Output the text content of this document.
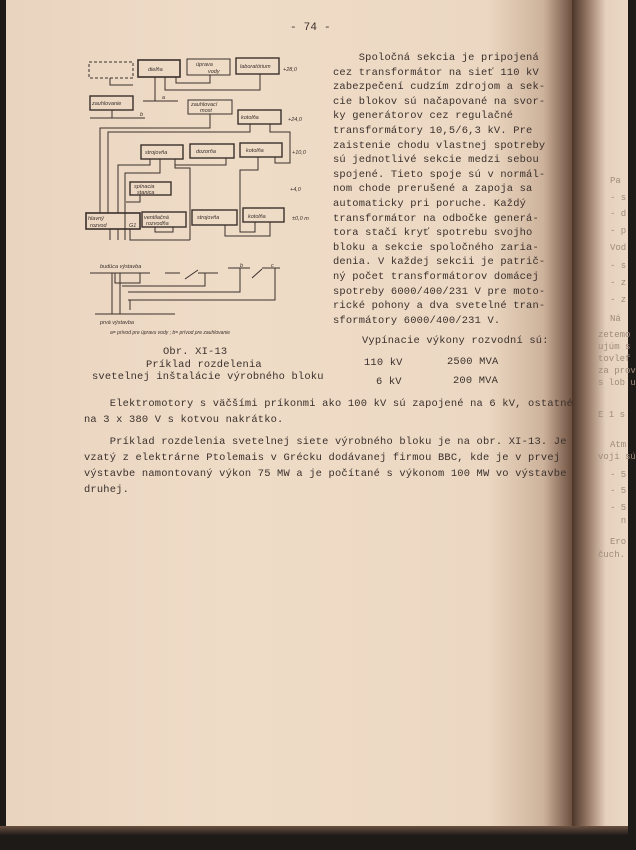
- 74 -
dielňa
úprava
vody
laboratórium
zauhlovanie	zauhlovací
most
kotolňa
strojovňa	dozorňa	kotolňa
spínacia
stanica
hlavný
rozvod	G1
ventilačná
rozvodňa
strojovňa	kotolňa
+28,0
+24,0
+10,0
+4,0
±0,0 m
a
b
b	c
budúca výstavba
prvá výstavba
a= prívod pre úpravu vody ; b= prívod pre zauhlovanie
Obr. XI-13
Príklad rozdelenia
svetelnej inštalácie výrobného bloku
Spoločná sekcia je pripojená
cez transformátor na sieť 110 kV
zabezpečení cudzím zdrojom a sek-
cie blokov sú načapované na svor-
ky generátorov cez regulačné
transformátory 10,5/6,3 kV. Pre
zaistenie chodu vlastnej spotreby
sú jednotlivé sekcie medzi sebou
spojené. Tieto spoje sú v normál-
nom chode prerušené a zapoja sa
automaticky pri poruche. Každý
transformátor na odbočke generá-
tora stačí kryť spotrebu svojho
bloku a sekcie spoločného zaria-
denia. V každej sekcii je patrič-
ný počet transformátorov domácej
spotreby 6000/400/231 V pre moto-
rické pohony a dva svetelné tran-
sformátory 6000/400/231 V.
Vypínacie výkony rozvodní sú:
110 kV	2500 MVA
6 kV	200 MVA
Elektromotory s väčšími príkonmi ako 100 kV sú zapojené na 6 kV, ostatné
na 3 x 380 V s kotvou nakrátko.
Príklad rozdelenia svetelnej siete výrobného bloku je na obr. XI-13. Je
vzatý z elektrárne Ptolemais v Grécku dodávanej firmou BBC, kde je v prvej
výstavbe namontovaný výkon 75 MW a je počítané s výkonom 100 MW vo výstavbe
druhej.
Pa
- s
- d
- p
Vod
- s
- z
- z
Ná
zetemo
ujúm s
tovlef
za prov
s lob u
E 1 s
Atm
voji sú
- 5
- 5
- 5
n
Ero
čuch.
